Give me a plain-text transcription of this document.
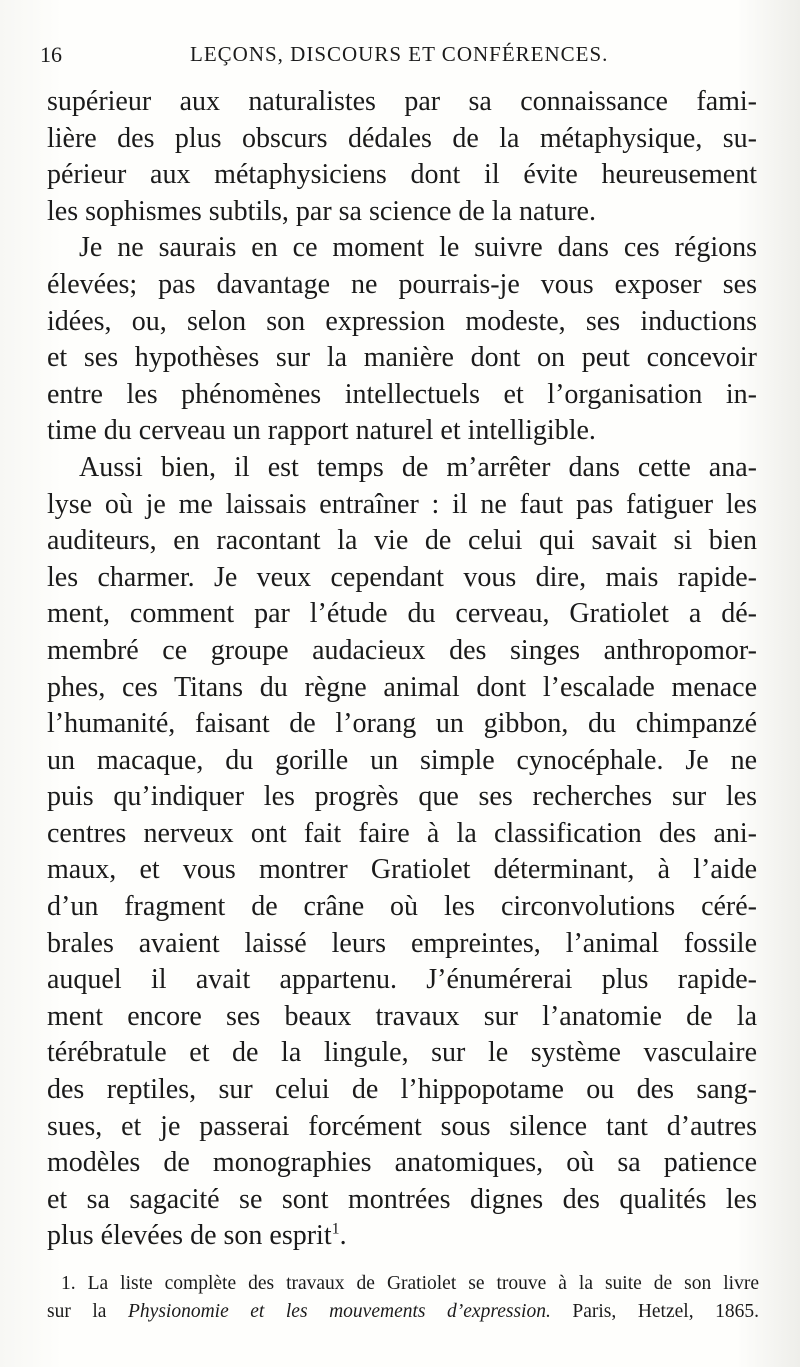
16	LEÇONS, DISCOURS ET CONFÉRENCES.
supérieur aux naturalistes par sa connaissance fami-
lière des plus obscurs dédales de la métaphysique, su-
périeur aux métaphysiciens dont il évite heureusement
les sophismes subtils, par sa science de la nature.
Je ne saurais en ce moment le suivre dans ces régions
élevées; pas davantage ne pourrais-je vous exposer ses
idées, ou, selon son expression modeste, ses inductions
et ses hypothèses sur la manière dont on peut concevoir
entre les phénomènes intellectuels et l’organisation in-
time du cerveau un rapport naturel et intelligible.
Aussi bien, il est temps de m’arrêter dans cette ana-
lyse où je me laissais entraîner : il ne faut pas fatiguer les
auditeurs, en racontant la vie de celui qui savait si bien
les charmer. Je veux cependant vous dire, mais rapide-
ment, comment par l’étude du cerveau, Gratiolet a dé-
membré ce groupe audacieux des singes anthropomor-
phes, ces Titans du règne animal dont l’escalade menace
l’humanité, faisant de l’orang un gibbon, du chimpanzé
un macaque, du gorille un simple cynocéphale. Je ne
puis qu’indiquer les progrès que ses recherches sur les
centres nerveux ont fait faire à la classification des ani-
maux, et vous montrer Gratiolet déterminant, à l’aide
d’un fragment de crâne où les circonvolutions céré-
brales avaient laissé leurs empreintes, l’animal fossile
auquel il avait appartenu. J’énumérerai plus rapide-
ment encore ses beaux travaux sur l’anatomie de la
térébratule et de la lingule, sur le système vasculaire
des reptiles, sur celui de l’hippopotame ou des sang-
sues, et je passerai forcément sous silence tant d’autres
modèles de monographies anatomiques, où sa patience
et sa sagacité se sont montrées dignes des qualités les
plus élevées de son esprit$^1$.
1. La liste complète des travaux de Gratiolet se trouve à la suite de son livre
sur la Physionomie et les mouvements d’expression. Paris, Hetzel, 1865.
